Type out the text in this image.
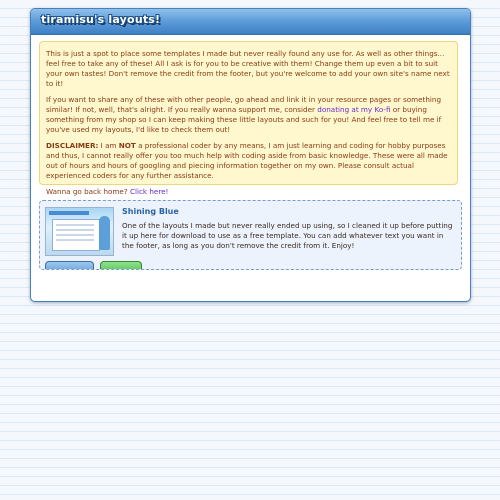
tiramisu's layouts!

This is just a spot to place some templates I made but never really found any use for. As well as other things... feel free to take any of these! All I ask is for you to be creative with them! Change them up even a bit to suit your own tastes! Don't remove the credit from the footer, but you're welcome to add your own site's name next to it!

If you want to share any of these with other people, go ahead and link it in your resource pages or something similar! If not, well, that's alright. If you really wanna support me, consider donating at my Ko-fi or buying something from my shop so I can keep making these little layouts and such for you! And feel free to tell me if you've used my layouts, I'd like to check them out!

DISCLAIMER: I am NOT a professional coder by any means, I am just learning and coding for hobby purposes and thus, I cannot really offer you too much help with coding aside from basic knowledge. These were all made out of hours and hours of googling and piecing information together on my own. Please consult actual experienced coders for any further assistance.

Wanna go back home? Click here!

Shining Blue
One of the layouts I made but never really ended up using, so I cleaned it up before putting it up here for download to use as a free template. You can add whatever text you want in the footer, as long as you don't remove the credit from it. Enjoy!
